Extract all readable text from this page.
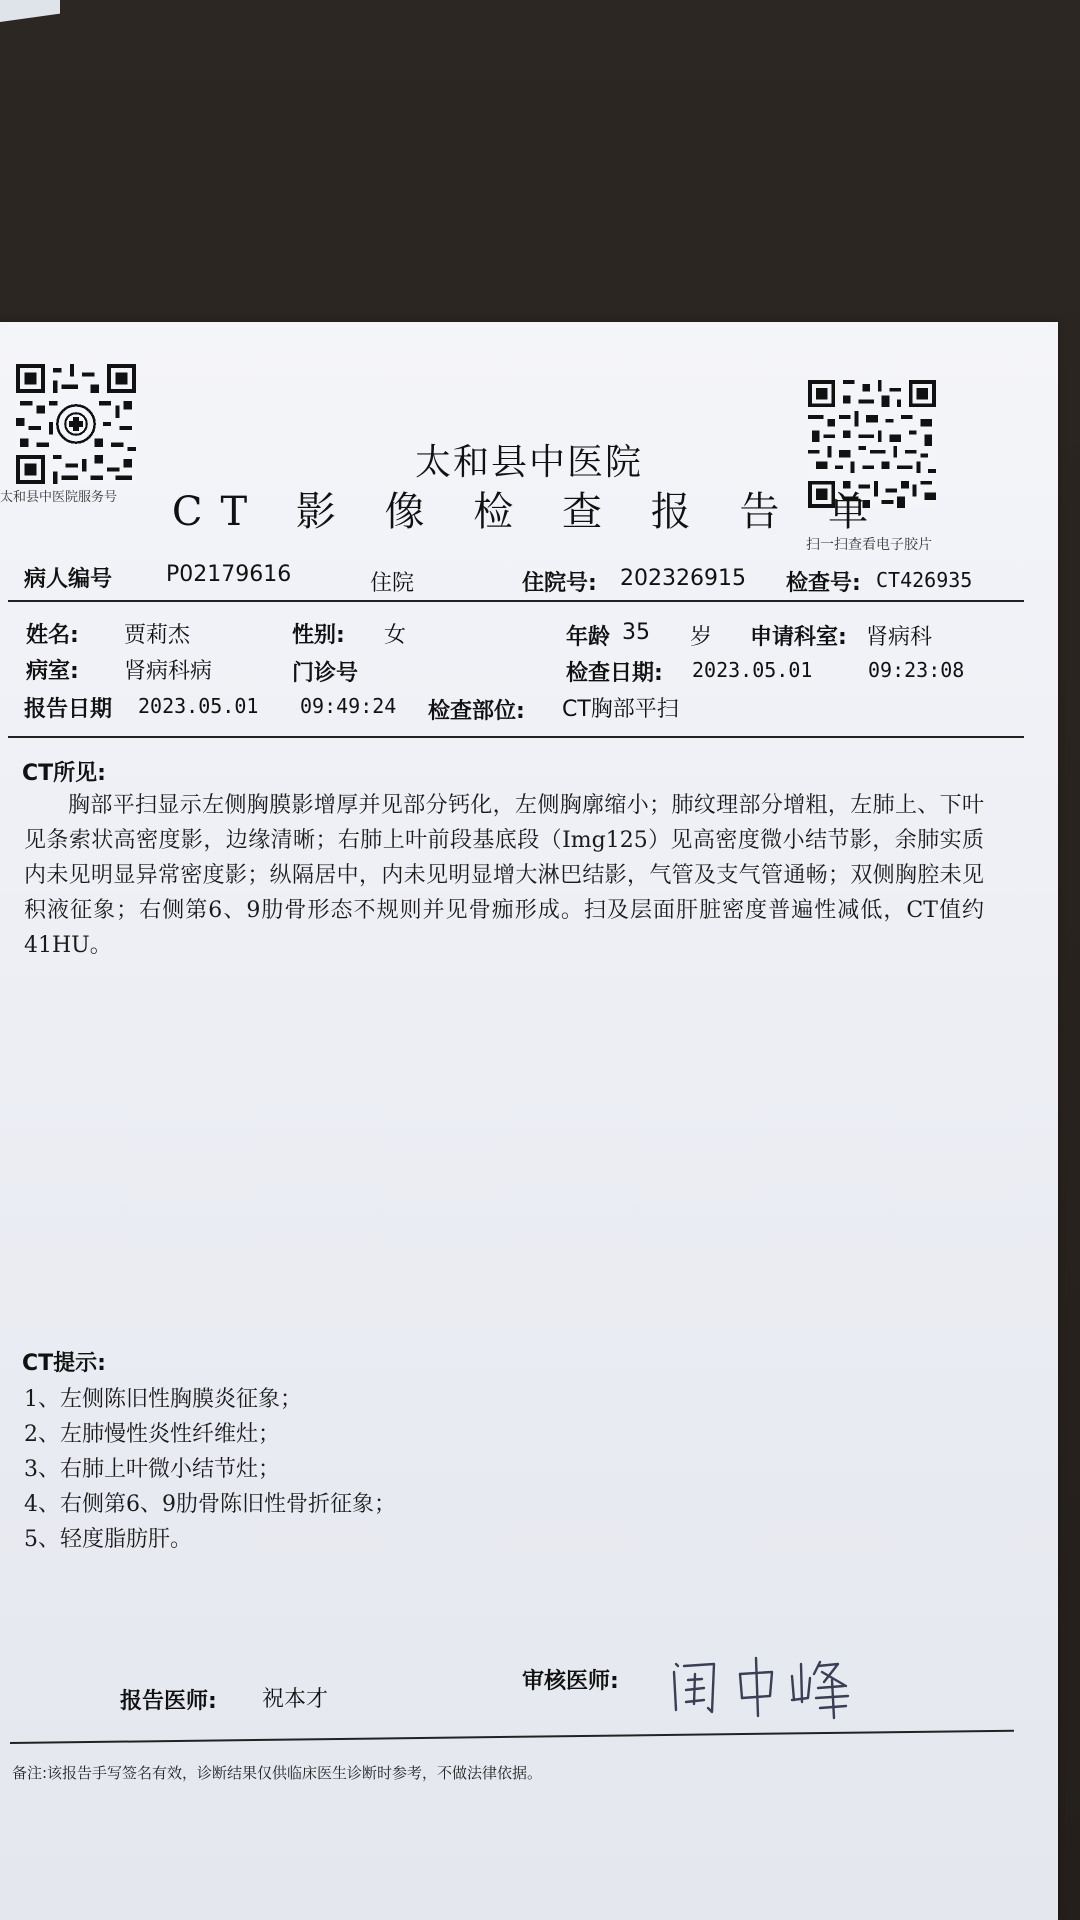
太和县中医院服务号
扫一扫查看电子胶片
太和县中医院
CT 影 像 检 查 报 告 单
病人编号 P02179616	住院	住院号: 202326915 检查号: CT426935
姓名: 贾莉杰	性别: 女	年龄 35 岁 申请科室: 肾病科
病室: 肾病科病	门诊号	检查日期: 2023.05.01	09:23:08
报告日期 2023.05.01 09:49:24 检查部位: CT胸部平扫
CT所见:

胸部平扫显示左侧胸膜影增厚并见部分钙化，左侧胸廓缩小；肺纹理部分增粗，左肺上、下叶见条索状高密度影，边缘清晰；右肺上叶前段基底段（Img125）见高密度微小结节影，余肺实质内未见明显异常密度影；纵隔居中，内未见明显增大淋巴结影，气管及支气管通畅；双侧胸腔未见积液征象；右侧第6、9肋骨形态不规则并见骨痂形成。扫及层面肝脏密度普遍性减低，CT值约41HU。

CT提示:
1、左侧陈旧性胸膜炎征象；
2、左肺慢性炎性纤维灶；
3、右肺上叶微小结节灶；
4、右侧第6、9肋骨陈旧性骨折征象；
5、轻度脂肪肝。
报告医师: 祝本才
审核医师:
备注:该报告手写签名有效，诊断结果仅供临床医生诊断时参考，不做法律依据。
